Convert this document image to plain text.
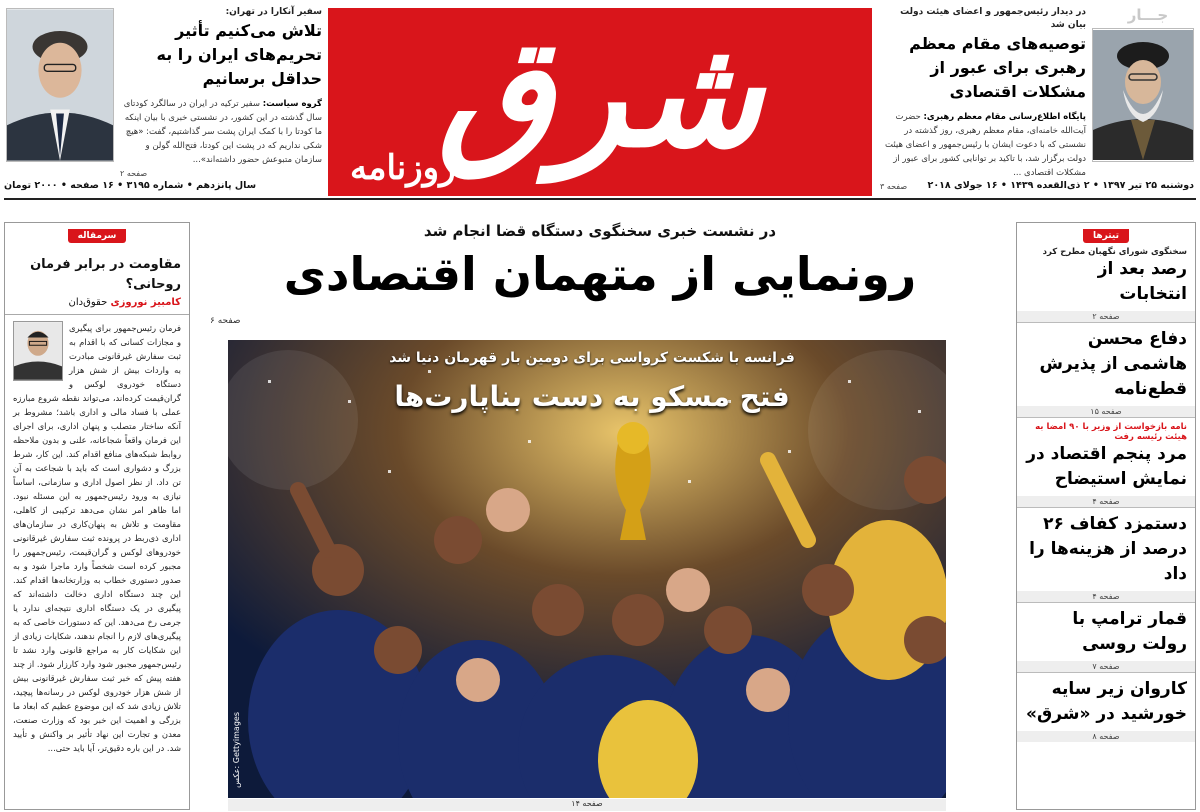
جـــار
در دیدار رئیس‌جمهور و اعضای هیئت دولت بیان شد
توصیه‌های مقام معظم رهبری برای عبور از مشکلات اقتصادی
پایگاه اطلاع‌رسانی مقام معظم رهبری: حضرت آیت‌الله خامنه‌ای، مقام معظم رهبری، روز گذشته در نشستی که با دعوت ایشان با رئیس‌جمهور و اعضای هیئت دولت برگزار شد، با تاکید بر توانایی کشور برای عبور از مشکلات اقتصادی ...
صفحه ۳
شرق
روزنامه
سفیر آنکارا در تهران:
تلاش می‌کنیم تأثیر تحریم‌های ایران را به حداقل برسانیم
گروه سیاست: سفیر ترکیه در ایران در سالگرد کودتای سال گذشته در این کشور، در نشستی خبری با بیان اینکه ما کودتا را با کمک ایران پشت سر گذاشتیم، گفت: «هیچ شکی نداریم که در پشت این کودتا، فتح‌الله گولن و سازمان متبوعش حضور داشته‌اند»...
صفحه ۲
دوشنبه ۲۵ تیر ۱۳۹۷ • ۲ ذی‌القعده ۱۴۳۹ • ۱۶ جولای ۲۰۱۸
سال پانزدهم • شماره ۳۱۹۵ • ۱۶ صفحه • ۲۰۰۰ تومان
سرمقاله
مقاومت در برابر فرمان روحانی؟
کامبیز نوروزی حقوق‌دان
فرمان رئیس‌جمهور برای پیگیری و مجازات کسانی که با اقدام به ثبت سفارش غیرقانونی مبادرت به واردات بیش از شش هزار دستگاه خودروی لوکس و گران‌قیمت کرده‌اند، می‌تواند نقطه شروع مبارزه عملی با فساد مالی و اداری باشد؛ مشروط بر آنکه ساختار متصلب و پنهان اداری، برای اجرای این فرمان واقعاً شجاعانه، علنی و بدون ملاحظه روابط شبکه‌های منافع اقدام کند. این کار، شرط بزرگ و دشواری است که باید با شجاعت به آن تن داد. از نظر اصول اداری و سازمانی، اساساً نیازی به ورود رئیس‌جمهور به این مسئله نبود. اما ظاهر امر نشان می‌دهد ترکیبی از کاهلی، مقاومت و تلاش به پنهان‌کاری در سازمان‌های اداری ذی‌ربط در پرونده ثبت سفارش غیرقانونی خودروهای لوکس و گران‌قیمت، رئیس‌جمهور را مجبور کرده است شخصاً وارد ماجرا شود و به صدور دستوری خطاب به وزارتخانه‌ها اقدام کند. این چند دستگاه اداری دخالت داشته‌اند که پیگیری در یک دستگاه اداری نتیجه‌ای ندارد یا جرمی رخ می‌دهد. این که دستورات خاصی که به پیگیری‌های لازم را انجام ندهند، شکایات زیادی از این شکایات کار به مراجع قانونی وارد نشد تا رئیس‌جمهور مجبور شود وارد کارزار شود. از چند هفته پیش که خبر ثبت سفارش غیرقانونی بیش از شش هزار خودروی لوکس در رسانه‌ها پیچید، تلاش زیادی شد که این موضوع عظیم که ابعاد ما بزرگی و اهمیت این خبر بود که وزارت صنعت، معدن و تجارت این نهاد تأثیر بر واکنش و تأیید شد. در این باره دقیق‌تر، آیا باید حتی...
در نشست خبری سخنگوی دستگاه قضا انجام شد
رونمایی از متهمان اقتصادی
صفحه ۶
فرانسه با شکست کرواسی برای دومین بار قهرمان دنیا شد
فتح مسکو به دست بناپارت‌ها
عکس: Gettyimages
صفحه ۱۴
تیترها
سخنگوی شورای نگهبان مطرح کرد
رصد بعد از انتخابات
صفحه ۲
دفاع محسن هاشمی از پذیرش قطع‌نامه
صفحه ۱۵
نامه بازخواست از وزیر با ۹۰ امضا به هیئت رئیسه رفت
مرد پنجم اقتصاد در نمایش استیضاح
صفحه ۴
دستمزد کفاف ۲۶ درصد از هزینه‌ها را داد
صفحه ۴
قمار ترامپ با رولت روسی
صفحه ۷
کاروان زیر سایه خورشید در «شرق»
صفحه ۸
